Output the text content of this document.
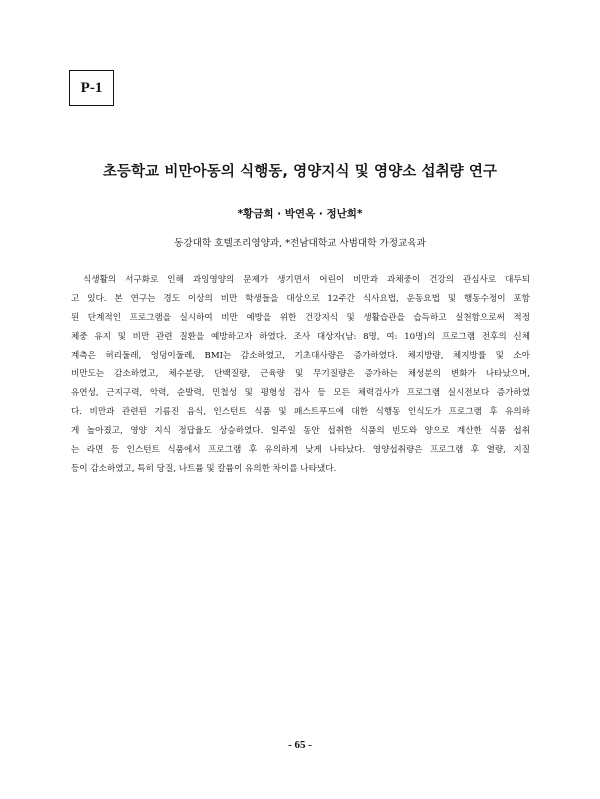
P-1
초등학교 비만아동의 식행동, 영양지식 및 영양소 섭취량 연구
*황금희 · 박연옥 · 정난희*
동강대학 호텔조리영양과, *전남대학교 사범대학 가정교육과
식생활의 서구화로 인해 과잉영양의 문제가 생기면서 어린이 비만과 과체중이 건강의 관심사로 대두되
고 있다. 본 연구는 경도 이상의 비만 학생들을 대상으로 12주간 식사요법, 운동요법 및 행동수정이 포함
된 단계적인 프로그램을 실시하여 비만 예방을 위한 건강지식 및 생활습관을 습득하고 실천함으로써 적정
체중 유지 및 비만 관련 질환을 예방하고자 하였다. 조사 대상자(남: 8명, 여: 10명)의 프로그램 전후의 신체
계측은 허리둘레, 엉덩이둘레, BMI는 감소하였고, 기초대사량은 증가하였다. 체지방량, 체지방률 및 소아
비만도는 감소하였고, 체수분량, 단백질량, 근육량 및 무기질량은 증가하는 체성분의 변화가 나타났으며,
유연성, 근지구력, 악력, 순발력, 민첩성 및 평형성 검사 등 모든 체력검사가 프로그램 실시전보다 증가하였
다. 비만과 관련된 기름진 음식, 인스턴트 식품 및 패스트푸드에 대한 식행동 인식도가 프로그램 후 유의하
게 높아졌고, 영양 지식 정답율도 상승하였다. 일주일 동안 섭취한 식품의 빈도와 양으로 계산한 식품 섭취
는 라면 등 인스턴트 식품에서 프로그램 후 유의하게 낮게 나타났다. 영양섭취량은 프로그램 후 열량, 지질
등이 감소하였고, 특히 당질, 나트륨 및 칼륨이 유의한 차이를 나타냈다.
- 65 -
